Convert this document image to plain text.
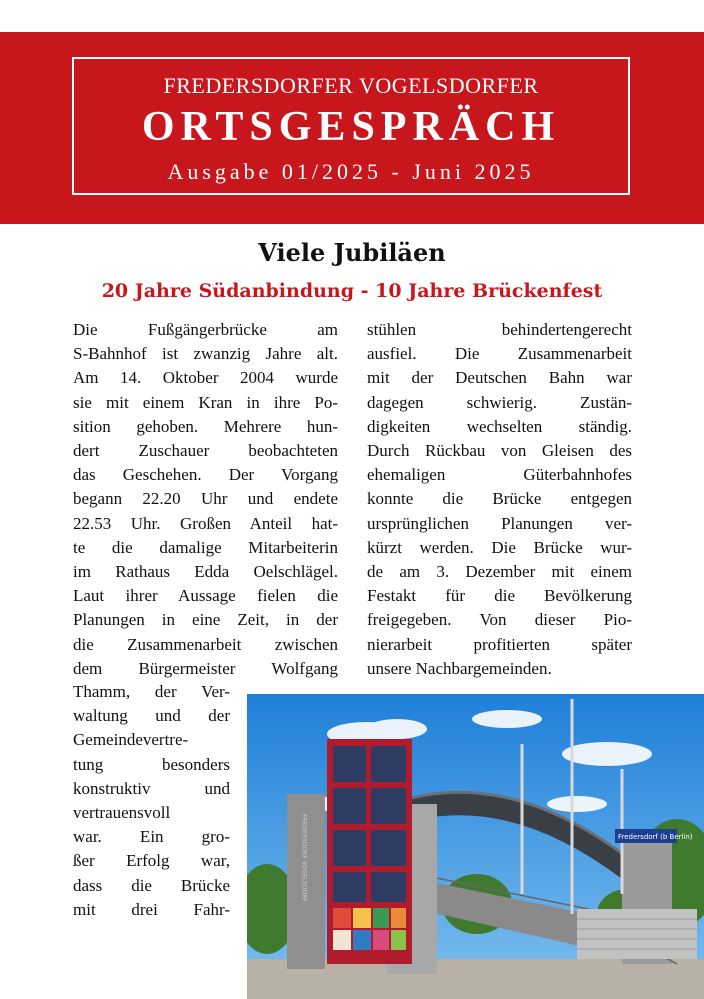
FREDERSDORFER VOGELSDORFER
ORTSGESPRÄCH
Ausgabe 01/2025 - Juni 2025
Viele Jubiläen
20 Jahre Südanbindung - 10 Jahre Brückenfest
Die Fußgängerbrücke am
S-Bahnhof ist zwanzig Jahre alt.
Am 14. Oktober 2004 wurde
sie mit einem Kran in ihre Po-
sition gehoben. Mehrere hun-
dert Zuschauer beobachteten
das Geschehen. Der Vorgang
begann 22.20 Uhr und endete
22.53 Uhr. Großen Anteil hat-
te die damalige Mitarbeiterin
im Rathaus Edda Oelschlägel.
Laut ihrer Aussage fielen die
Planungen in eine Zeit, in der
die Zusammenarbeit zwischen
dem Bürgermeister Wolfgang
Thamm, der Ver-
waltung und der
Gemeindevertre-
tung besonders
konstruktiv und
vertrauensvoll
war. Ein gro-
ßer Erfolg war,
dass die Brücke
mit drei Fahr-
stühlen behindertengerecht
ausfiel. Die Zusammenarbeit
mit der Deutschen Bahn war
dagegen schwierig. Zustän-
digkeiten wechselten ständig.
Durch Rückbau von Gleisen des
ehemaligen Güterbahnhofes
konnte die Brücke entgegen
ursprünglichen Planungen ver-
kürzt werden. Die Brücke wur-
de am 3. Dezember mit einem
Festakt für die Bevölkerung
freigegeben. Von dieser Pio-
nierarbeit profitierten später
unsere Nachbargemeinden.
FREDERSDORF VOGELSDORF	Fredersdorf (b Berlin)
